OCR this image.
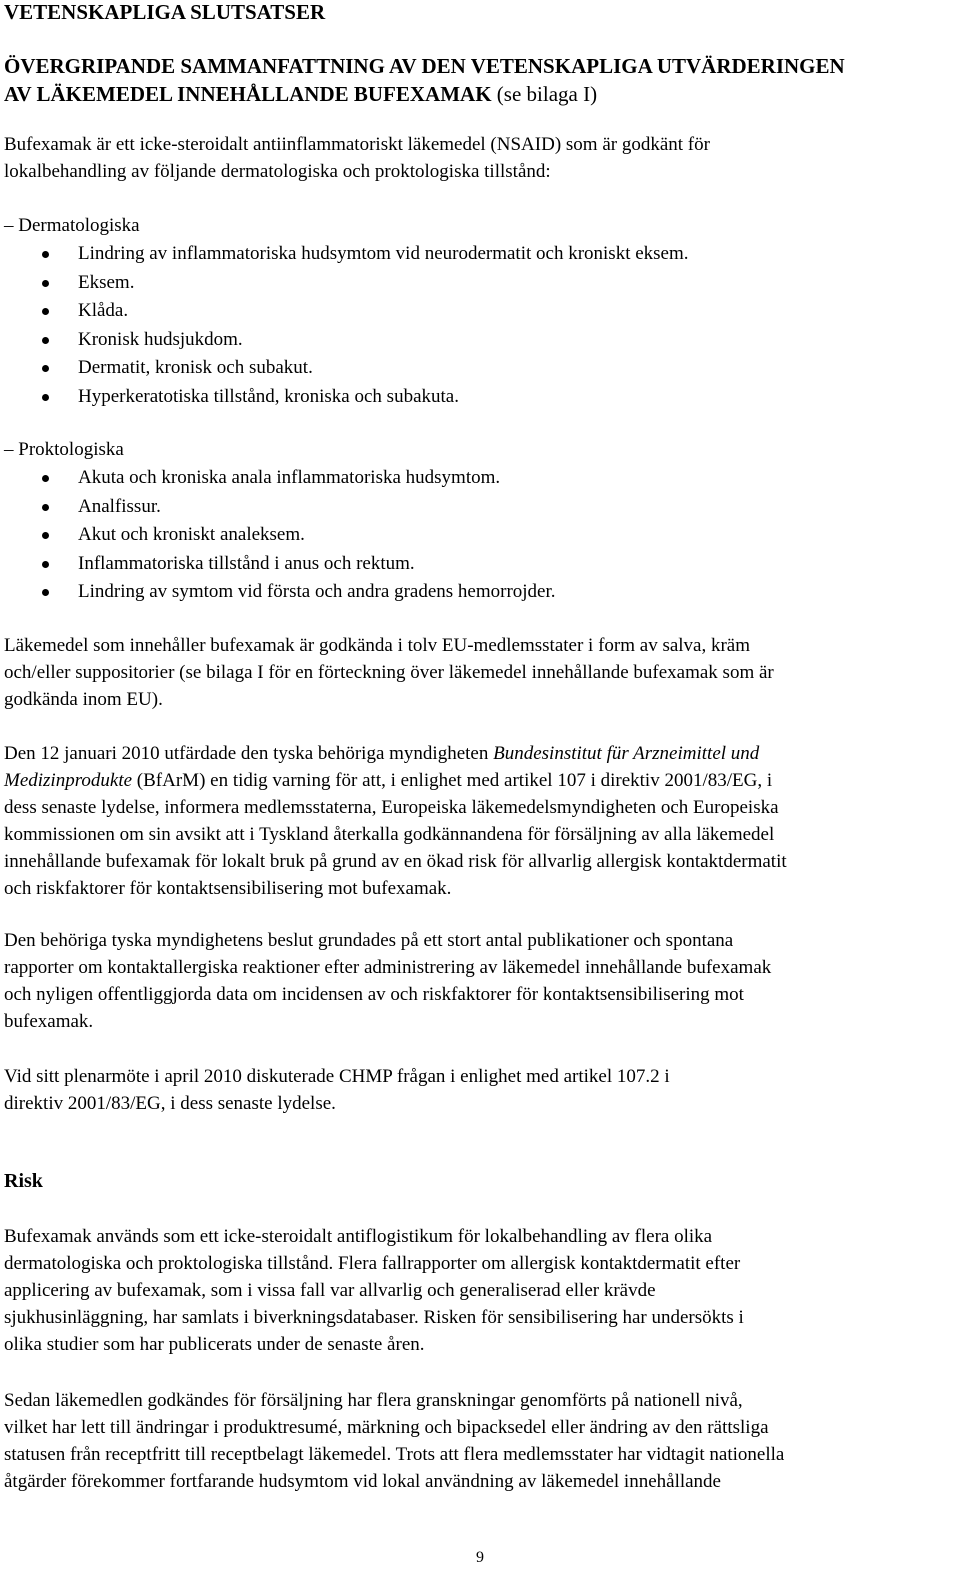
VETENSKAPLIGA SLUTSATSER
ÖVERGRIPANDE SAMMANFATTNING AV DEN VETENSKAPLIGA UTVÄRDERINGEN
AV LÄKEMEDEL INNEHÅLLANDE BUFEXAMAK (se bilaga I)
Bufexamak är ett icke-steroidalt antiinflammatoriskt läkemedel (NSAID) som är godkänt för
lokalbehandling av följande dermatologiska och proktologiska tillstånd:
– Dermatologiska
Lindring av inflammatoriska hudsymtom vid neurodermatit och kroniskt eksem.
Eksem.
Klåda.
Kronisk hudsjukdom.
Dermatit, kronisk och subakut.
Hyperkeratotiska tillstånd, kroniska och subakuta.
– Proktologiska
Akuta och kroniska anala inflammatoriska hudsymtom.
Analfissur.
Akut och kroniskt analeksem.
Inflammatoriska tillstånd i anus och rektum.
Lindring av symtom vid första och andra gradens hemorrojder.
Läkemedel som innehåller bufexamak är godkända i tolv EU-medlemsstater i form av salva, kräm
och/eller suppositorier (se bilaga I för en förteckning över läkemedel innehållande bufexamak som är
godkända inom EU).
Den 12 januari 2010 utfärdade den tyska behöriga myndigheten Bundesinstitut für Arzneimittel und
Medizinprodukte (BfArM) en tidig varning för att, i enlighet med artikel 107 i direktiv 2001/83/EG, i
dess senaste lydelse, informera medlemsstaterna, Europeiska läkemedelsmyndigheten och Europeiska
kommissionen om sin avsikt att i Tyskland återkalla godkännandena för försäljning av alla läkemedel
innehållande bufexamak för lokalt bruk på grund av en ökad risk för allvarlig allergisk kontaktdermatit
och riskfaktorer för kontaktsensibilisering mot bufexamak.
Den behöriga tyska myndighetens beslut grundades på ett stort antal publikationer och spontana
rapporter om kontaktallergiska reaktioner efter administrering av läkemedel innehållande bufexamak
och nyligen offentliggjorda data om incidensen av och riskfaktorer för kontaktsensibilisering mot
bufexamak.
Vid sitt plenarmöte i april 2010 diskuterade CHMP frågan i enlighet med artikel 107.2 i
direktiv 2001/83/EG, i dess senaste lydelse.
Risk
Bufexamak används som ett icke-steroidalt antiflogistikum för lokalbehandling av flera olika
dermatologiska och proktologiska tillstånd. Flera fallrapporter om allergisk kontaktdermatit efter
applicering av bufexamak, som i vissa fall var allvarlig och generaliserad eller krävde
sjukhusinläggning, har samlats i biverkningsdatabaser. Risken för sensibilisering har undersökts i
olika studier som har publicerats under de senaste åren.
Sedan läkemedlen godkändes för försäljning har flera granskningar genomförts på nationell nivå,
vilket har lett till ändringar i produktresumé, märkning och bipacksedel eller ändring av den rättsliga
statusen från receptfritt till receptbelagt läkemedel. Trots att flera medlemsstater har vidtagit nationella
åtgärder förekommer fortfarande hudsymtom vid lokal användning av läkemedel innehållande
9
